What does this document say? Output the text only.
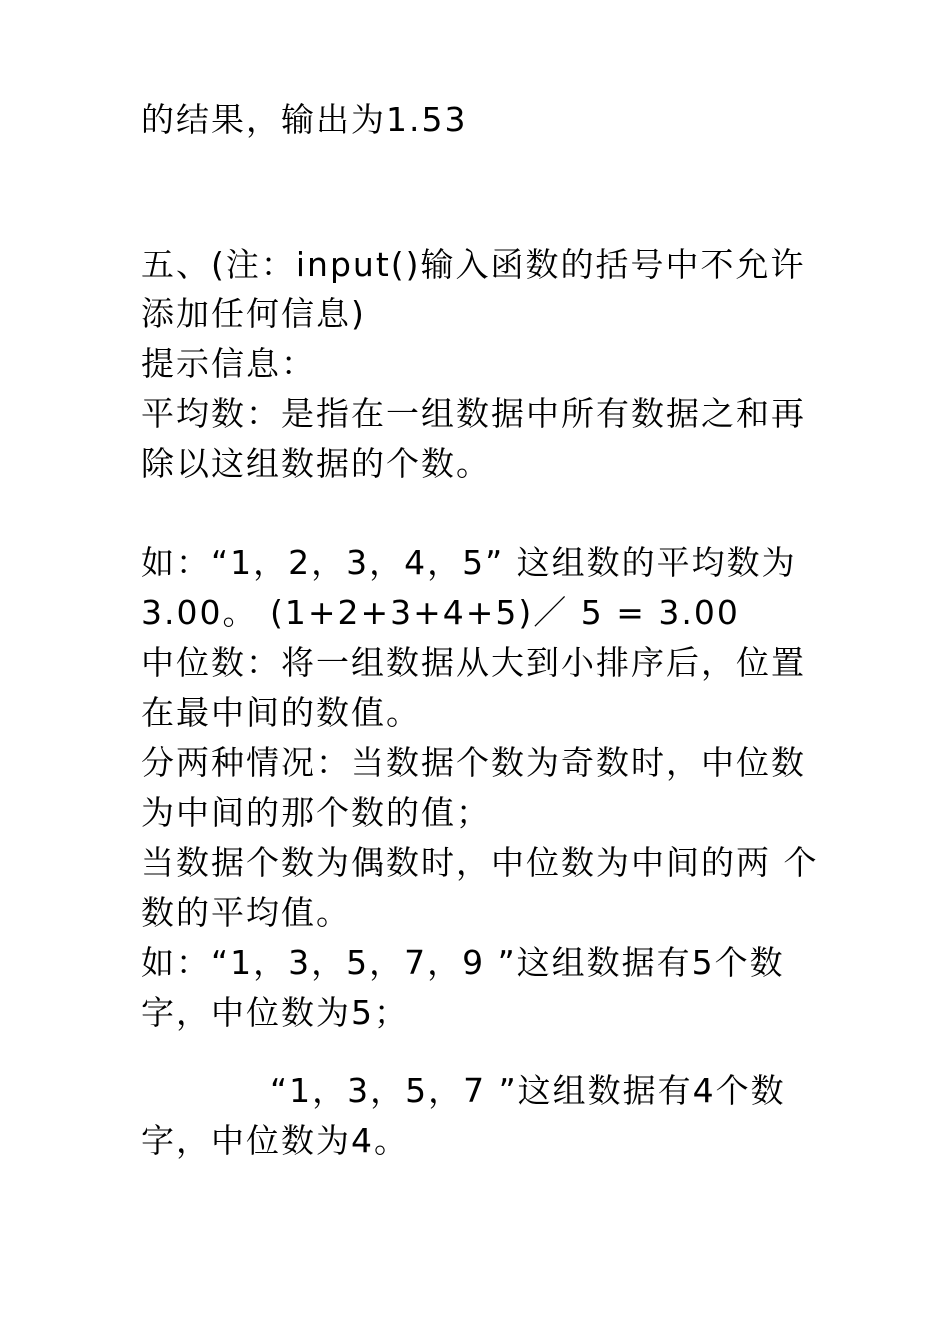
的结果，输出为1.53
五、(注：input()输入函数的括号中不允许
添加任何信息)
提示信息：
平均数：是指在一组数据中所有数据之和再
除以这组数据的个数。
如：“1，2，3，4，5” 这组数的平均数为
3.00。 (1+2+3+4+5)／ 5 = 3.00
中位数：将一组数据从大到小排序后，位置
在最中间的数值。
分两种情况：当数据个数为奇数时，中位数
为中间的那个数的值；
当数据个数为偶数时，中位数为中间的两 个
数的平均值。
如：“1，3，5，7，9 ”这组数据有5个数
字，中位数为5；
“1，3，5，7 ”这组数据有4个数
字，中位数为4。
